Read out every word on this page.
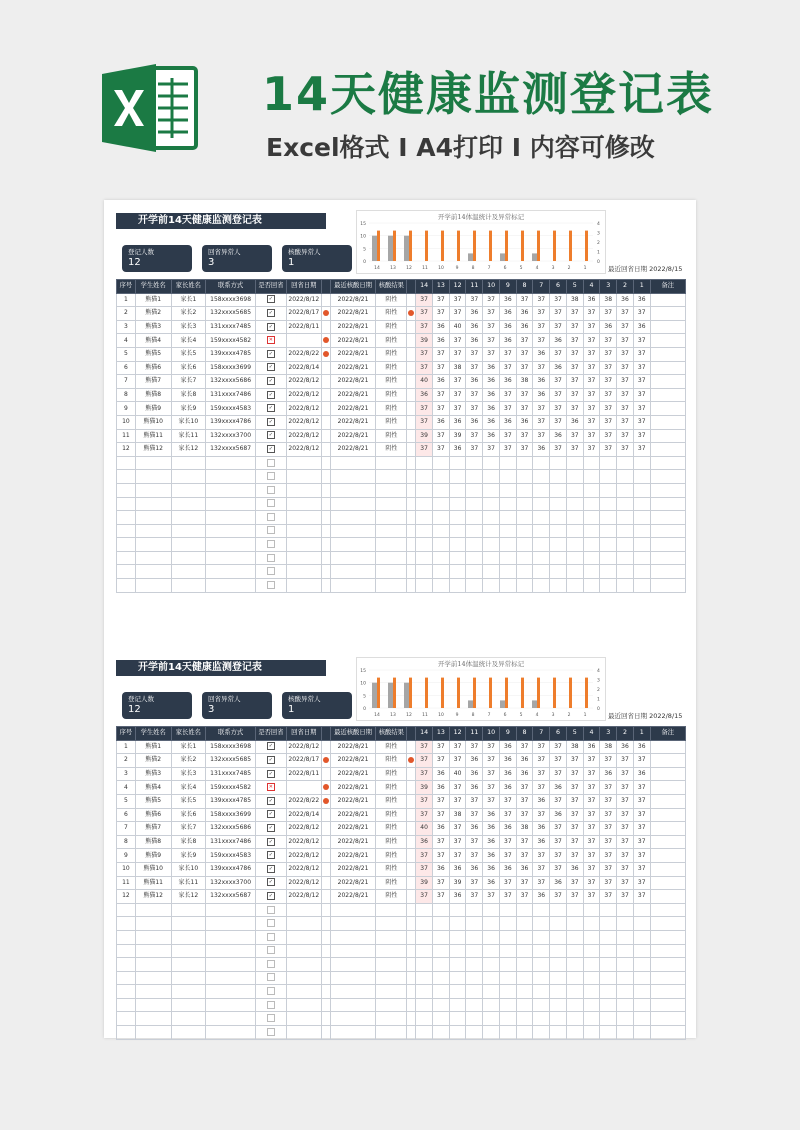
14天健康监测登记表
Excel格式 I A4打印 I 内容可修改
开学前14天健康监测登记表
登记人数
12
回省异常人
3
核酸异常人
1
开学前14体温统计及异常标记
15
10
5
0
4
3
2
1
0
14 13 12 11 10	9	8	7	6	5	4	3	2	1	最近回省日期 2022/8/15
序号	学生姓名	家长姓名	联系方式	是否回省	回省日期		最近核酸日期	核酸结果		14	13	12	11	10	9	8	7	6	5	4	3	2	1	备注
1	熊猫1	家长1	158xxxx3698	✓	2022/8/12		2022/8/21	阴性		37	37	37	37	37	36	37	37	37	38	36	38	36	36	
2	熊猫2	家长2	132xxxx5685	✓	2022/8/17		2022/8/21	阳性		37	37	37	36	37	36	36	37	37	37	37	37	37	37	
3	熊猫3	家长3	131xxxx7485	✓	2022/8/11		2022/8/21	阴性		37	36	40	36	37	36	36	37	37	37	37	36	37	36	
4	熊猫4	家长4	159xxxx4582	✕			2022/8/21	阴性		39	36	37	36	37	36	37	37	36	37	37	37	37	37	
5	熊猫5	家长5	139xxxx4785	✓	2022/8/22		2022/8/21	阴性		37	37	37	37	37	37	37	36	37	37	37	37	37	37	
6	熊猫6	家长6	158xxxx3699	✓	2022/8/14		2022/8/21	阴性		37	37	38	37	36	37	37	37	36	37	37	37	37	37	
7	熊猫7	家长7	132xxxx5686	✓	2022/8/12		2022/8/21	阴性		40	36	37	36	36	36	38	36	37	37	37	37	37	37	
8	熊猫8	家长8	131xxxx7486	✓	2022/8/12		2022/8/21	阴性		36	37	37	37	36	37	37	36	37	37	37	37	37	37	
9	熊猫9	家长9	159xxxx4583	✓	2022/8/12		2022/8/21	阴性		37	37	37	37	36	37	37	37	37	37	37	37	37	37	
10	熊猫10	家长10	139xxxx4786	✓	2022/8/12		2022/8/21	阴性		37	36	36	36	36	36	36	37	37	36	37	37	37	37	
11	熊猫11	家长11	132xxxx3700	✓	2022/8/12		2022/8/21	阴性		39	37	39	37	36	37	37	37	36	37	37	37	37	37	
12	熊猫12	家长12	132xxxx5687	✓	2022/8/12		2022/8/21	阴性		37	37	36	37	37	37	37	36	37	37	37	37	37	37	

开学前14天健康监测登记表
登记人数
12
回省异常人
3
核酸异常人
1
开学前14体温统计及异常标记
15
10
5
0
4
3
2
1
0
14 13 12 11 10	9	8	7	6	5	4	3	2	1	最近回省日期 2022/8/15
序号	学生姓名	家长姓名	联系方式	是否回省	回省日期		最近核酸日期	核酸结果		14	13	12	11	10	9	8	7	6	5	4	3	2	1	备注
1	熊猫1	家长1	158xxxx3698	✓	2022/8/12		2022/8/21	阴性		37	37	37	37	37	36	37	37	37	38	36	38	36	36	
2	熊猫2	家长2	132xxxx5685	✓	2022/8/17		2022/8/21	阳性		37	37	37	36	37	36	36	37	37	37	37	37	37	37	
3	熊猫3	家长3	131xxxx7485	✓	2022/8/11		2022/8/21	阴性		37	36	40	36	37	36	36	37	37	37	37	36	37	36	
4	熊猫4	家长4	159xxxx4582	✕			2022/8/21	阴性		39	36	37	36	37	36	37	37	36	37	37	37	37	37	
5	熊猫5	家长5	139xxxx4785	✓	2022/8/22		2022/8/21	阴性		37	37	37	37	37	37	37	36	37	37	37	37	37	37	
6	熊猫6	家长6	158xxxx3699	✓	2022/8/14		2022/8/21	阴性		37	37	38	37	36	37	37	37	36	37	37	37	37	37	
7	熊猫7	家长7	132xxxx5686	✓	2022/8/12		2022/8/21	阴性		40	36	37	36	36	36	38	36	37	37	37	37	37	37	
8	熊猫8	家长8	131xxxx7486	✓	2022/8/12		2022/8/21	阴性		36	37	37	37	36	37	37	36	37	37	37	37	37	37	
9	熊猫9	家长9	159xxxx4583	✓	2022/8/12		2022/8/21	阴性		37	37	37	37	36	37	37	37	37	37	37	37	37	37	
10	熊猫10	家长10	139xxxx4786	✓	2022/8/12		2022/8/21	阴性		37	36	36	36	36	36	36	37	37	36	37	37	37	37	
11	熊猫11	家长11	132xxxx3700	✓	2022/8/12		2022/8/21	阴性		39	37	39	37	36	37	37	37	36	37	37	37	37	37	
12	熊猫12	家长12	132xxxx5687	✓	2022/8/12		2022/8/21	阴性		37	37	36	37	37	37	37	36	37	37	37	37	37	37	
